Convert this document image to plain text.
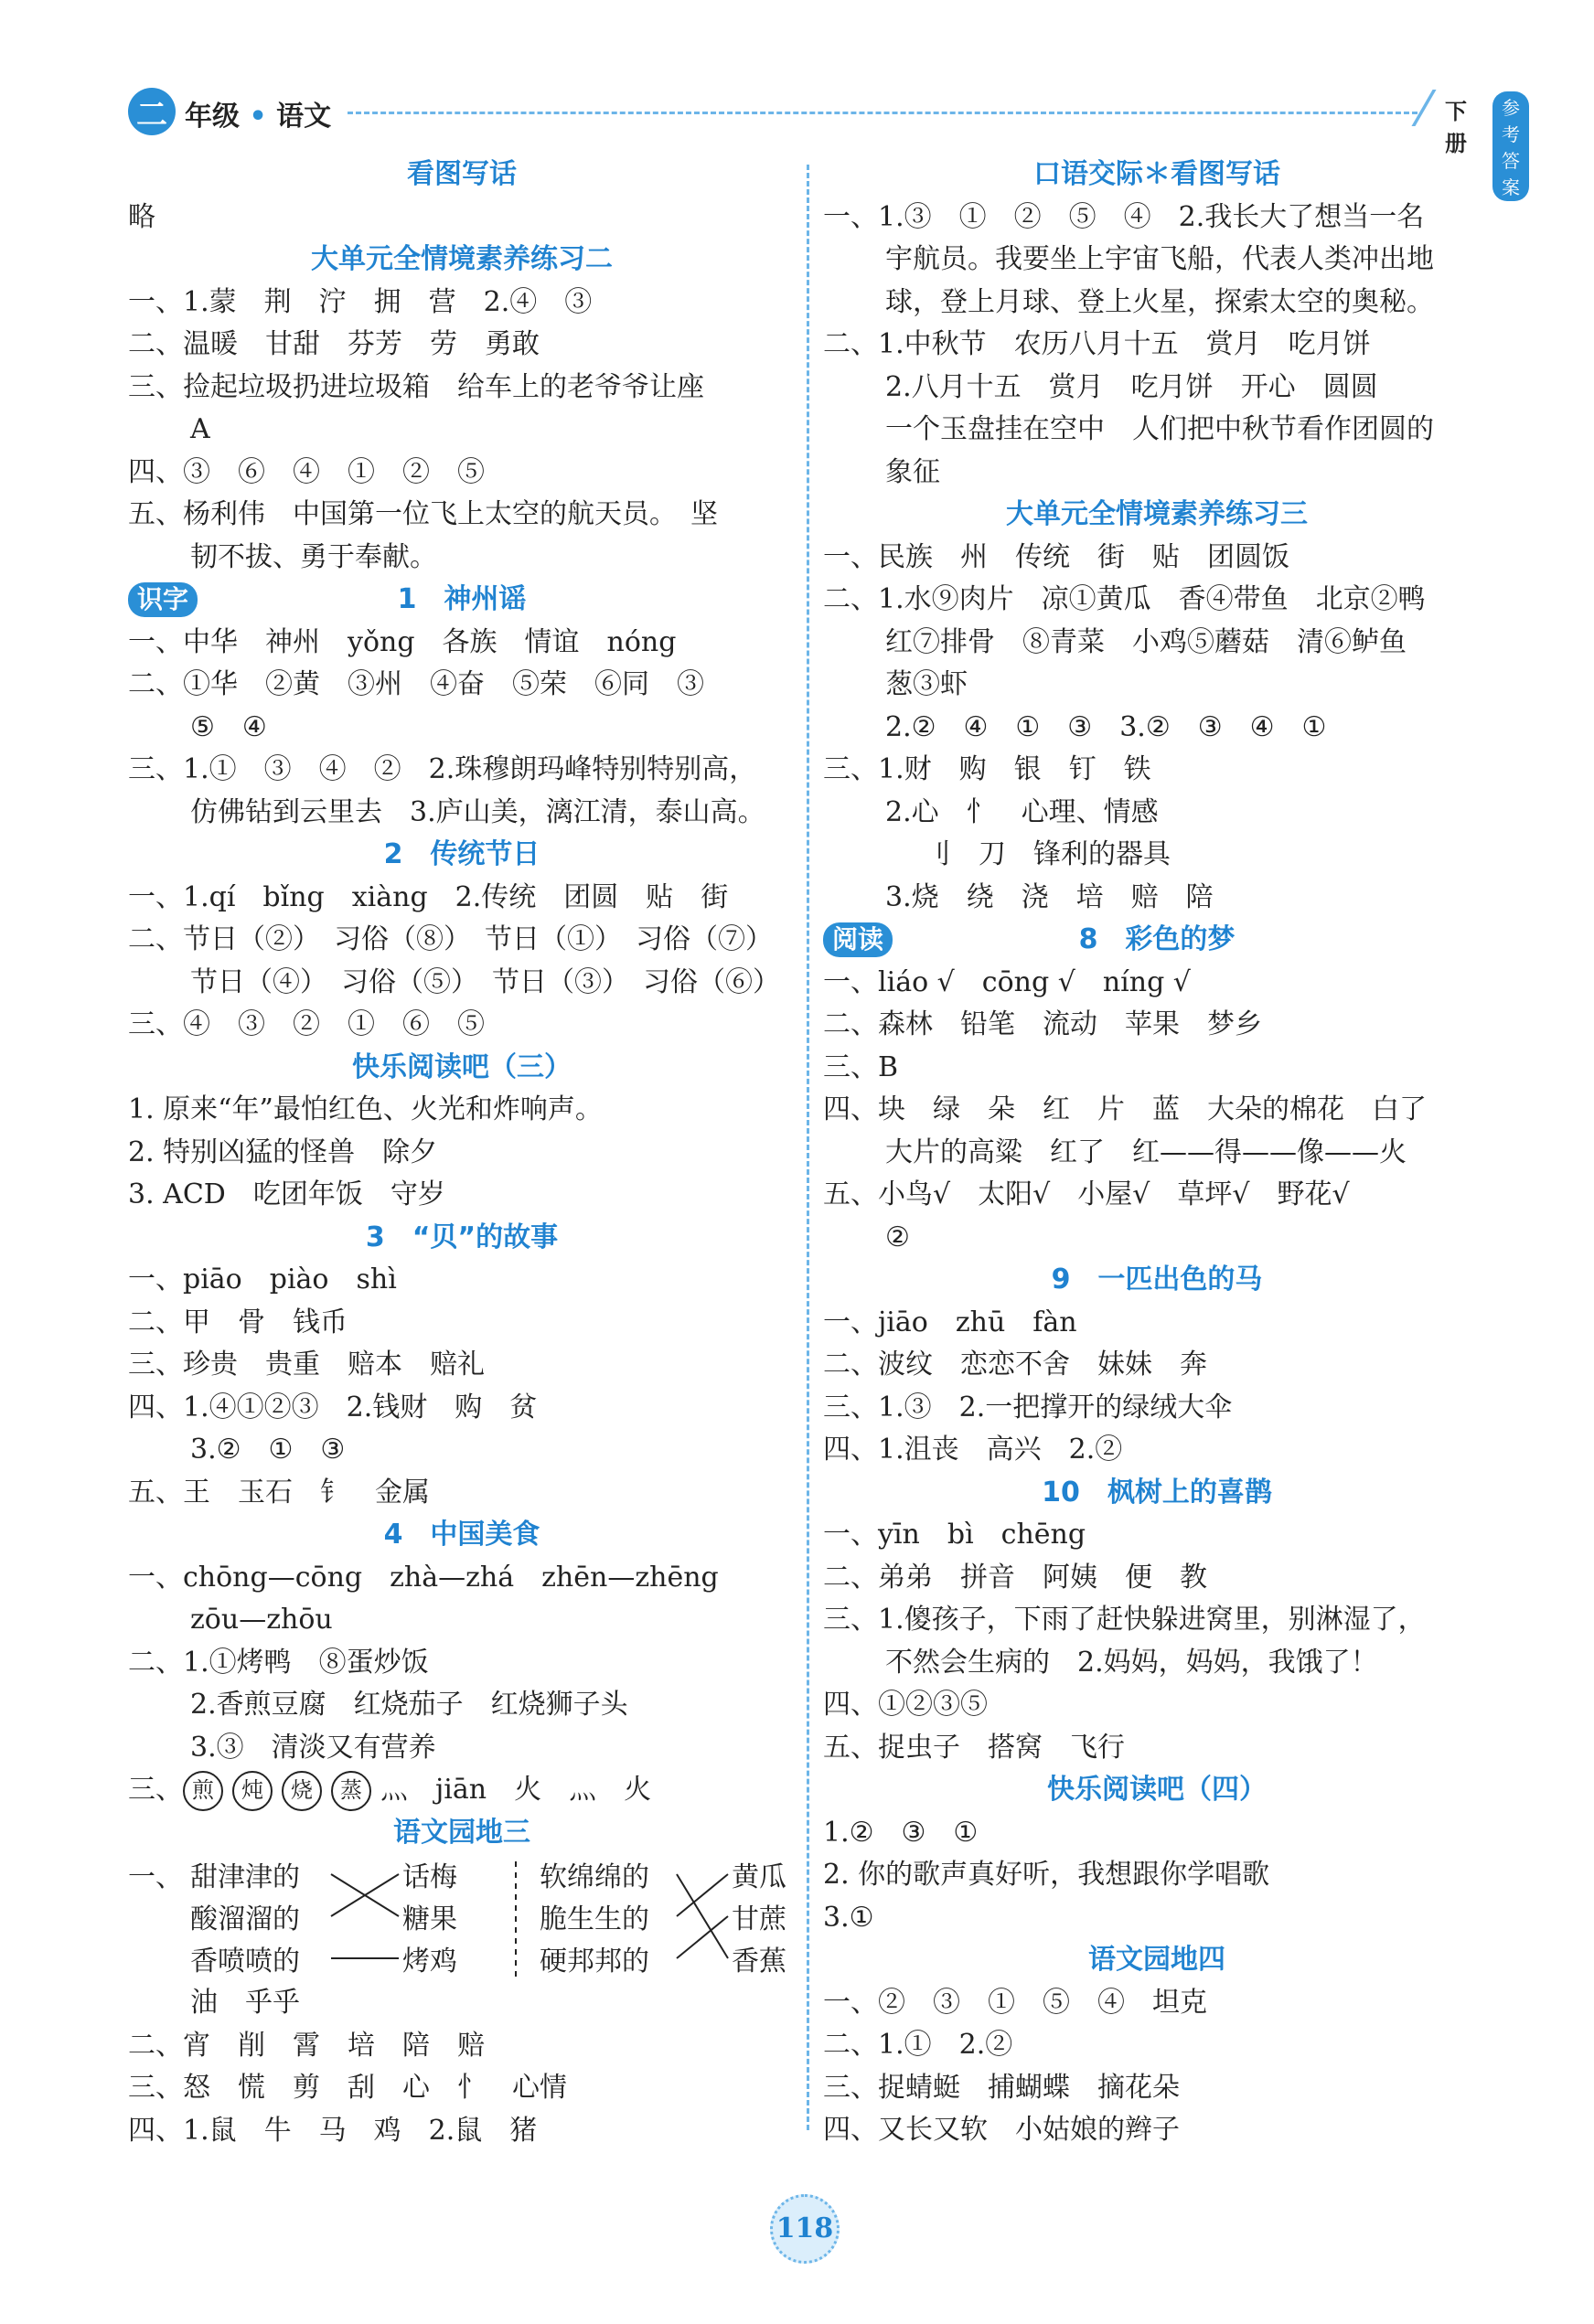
二 年级 • 语文	下册
参考答案
看图写话
略
大单元全情境素养练习二
一、1.蒙　荆　泞　拥　营　2.④　③
二、温暖　甘甜　芬芳　劳　勇敢
三、捡起垃圾扔进垃圾箱　给车上的老爷爷让座
A
四、③　⑥　④　①　②　⑤
五、杨利伟　中国第一位飞上太空的航天员。　坚
韧不拔、勇于奉献。
识字	1　神州谣
一、中华　神州　yǒng　各族　情谊　nóng
二、①华　②黄　③州　④奋　⑤荣　⑥同　③
⑤　④
三、1.①　③　④　②　2.珠穆朗玛峰特别特别高，
仿佛钻到云里去　3.庐山美，漓江清，泰山高。
2　传统节日
一、1.qí　bǐng　xiàng　2.传统　团圆　贴　街
二、节日（②）　习俗（⑧）　节日（①）　习俗（⑦）
节日（④）　习俗（⑤）　节日（③）　习俗（⑥）
三、④　③　②　①　⑥　⑤
快乐阅读吧（三）
1. 原来“年”最怕红色、火光和炸响声。
2. 特别凶猛的怪兽　除夕
3. ACD　吃团年饭　守岁
3　“贝”的故事
一、piāo　piào　shì
二、甲　骨　钱币
三、珍贵　贵重　赔本　赔礼
四、1.④①②③　2.钱财　购　贫
3.②　①　③
五、王　玉石　钅　金属
4　中国美食
一、chōng—cōng　zhà—zhá　zhēn—zhēng
zōu—zhōu
二、1.①烤鸭　⑧蛋炒饭
2.香煎豆腐　红烧茄子　红烧狮子头
3.③　清淡又有营养
三、 煎 炖 烧 蒸 灬　jiān　火　灬　火
语文园地三
一、 甜津津的	话梅	软绵绵的	黄瓜
酸溜溜的	糖果	脆生生的	甘蔗
香喷喷的	烤鸡	硬邦邦的	香蕉
油　乎乎
二、宵　削　霄　培　陪　赔
三、怒　慌　剪　刮　心　忄　心情
四、1.鼠　牛　马　鸡　2.鼠　猪
口语交际＊看图写话
一、1.③　①　②　⑤　④　2.我长大了想当一名
宇航员。我要坐上宇宙飞船，代表人类冲出地
球，登上月球、登上火星，探索太空的奥秘。
二、1.中秋节　农历八月十五　赏月　吃月饼
2.八月十五　赏月　吃月饼　开心　圆圆
一个玉盘挂在空中　人们把中秋节看作团圆的
象征
大单元全情境素养练习三
一、民族　州　传统　街　贴　团圆饭
二、1.水⑨肉片　凉①黄瓜　香④带鱼　北京②鸭
红⑦排骨　⑧青菜　小鸡⑤蘑菇　清⑥鲈鱼
葱③虾
2.②　④　①　③　3.②　③　④　①
三、1.财　购　银　钉　铁
2.心　忄　心理、情感
刂　刀　锋利的器具
3.烧　绕　浇　培　赔　陪
阅读	8　彩色的梦
一、liáo √　cōng √　níng √
二、森林　铅笔　流动　苹果　梦乡
三、B
四、块　绿　朵　红　片　蓝　大朵的棉花　白了
大片的高粱　红了　红——得——像——火
五、小鸟√　太阳√　小屋√　草坪√　野花√
②
9　一匹出色的马
一、jiāo　zhū　fàn
二、波纹　恋恋不舍　妹妹　奔
三、1.③　2.一把撑开的绿绒大伞
四、1.沮丧　高兴　2.②
10　枫树上的喜鹊
一、yīn　bì　chēng
二、弟弟　拼音　阿姨　便　教
三、1.傻孩子，下雨了赶快躲进窝里，别淋湿了，
不然会生病的　2.妈妈，妈妈，我饿了！
四、①②③⑤
五、捉虫子　搭窝　飞行
快乐阅读吧（四）
1.②　③　①
2. 你的歌声真好听，我想跟你学唱歌
3.①
语文园地四
一、②　③　①　⑤　④　坦克
二、1.①　2.②
三、捉蜻蜓　捕蝴蝶　摘花朵
四、又长又软　小姑娘的辫子
118
